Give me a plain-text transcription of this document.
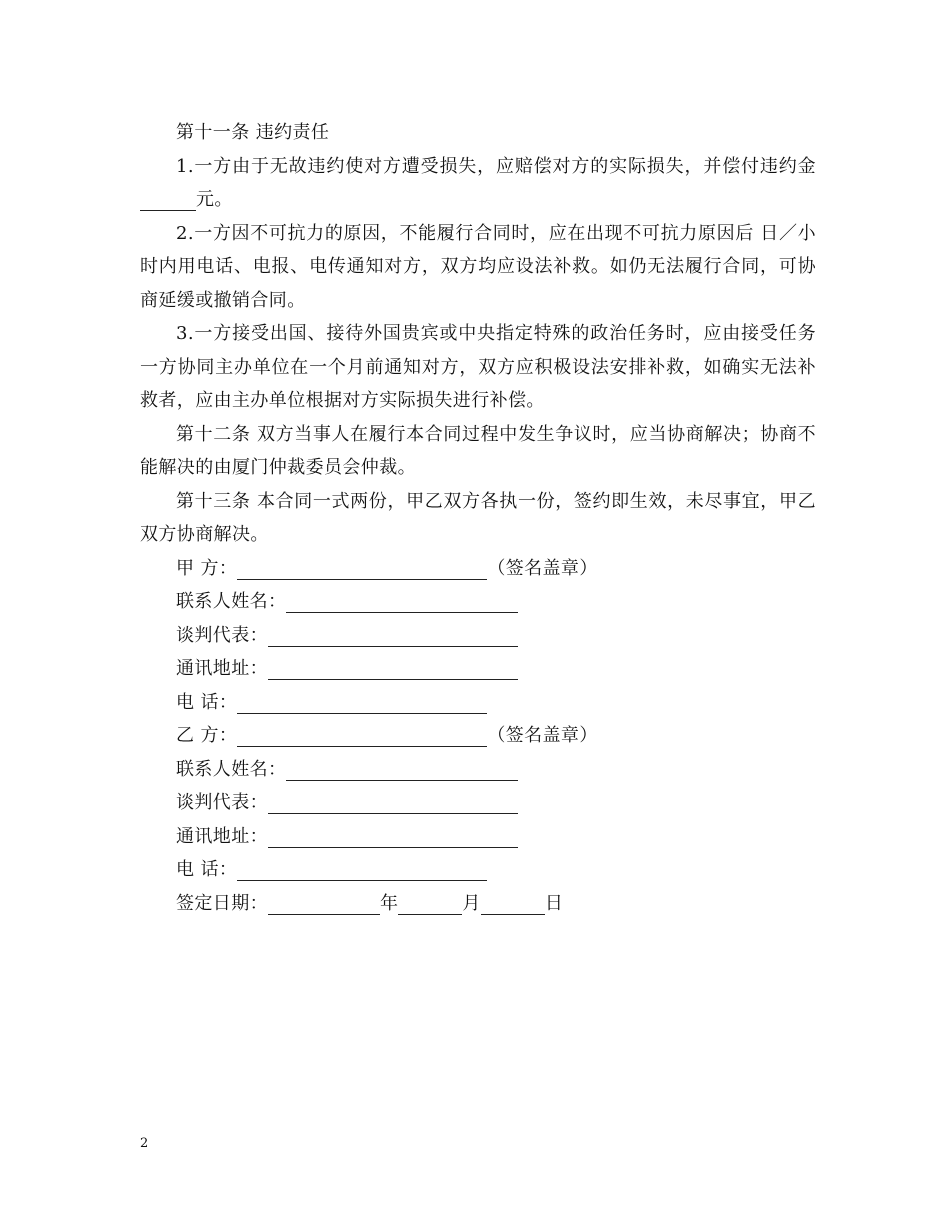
第十一条 违约责任

1.一方由于无故违约使对方遭受损失，应赔偿对方的实际损失，并偿付违约金元。

2.一方因不可抗力的原因，不能履行合同时，应在出现不可抗力原因后 日／小时内用电话、电报、电传通知对方，双方均应设法补救。如仍无法履行合同，可协商延缓或撤销合同。

3.一方接受出国、接待外国贵宾或中央指定特殊的政治任务时，应由接受任务一方协同主办单位在一个月前通知对方，双方应积极设法安排补救，如确实无法补救者，应由主办单位根据对方实际损失进行补偿。

第十二条 双方当事人在履行本合同过程中发生争议时，应当协商解决；协商不能解决的由厦门仲裁委员会仲裁。

第十三条 本合同一式两份，甲乙双方各执一份，签约即生效，未尽事宜，甲乙双方协商解决。

甲 方：	（签名盖章）
联系人姓名：
谈判代表：
通讯地址：
电 话：
乙 方：	（签名盖章）
联系人姓名：
谈判代表：
通讯地址：
电 话：
签定日期：	年	月	日
2
